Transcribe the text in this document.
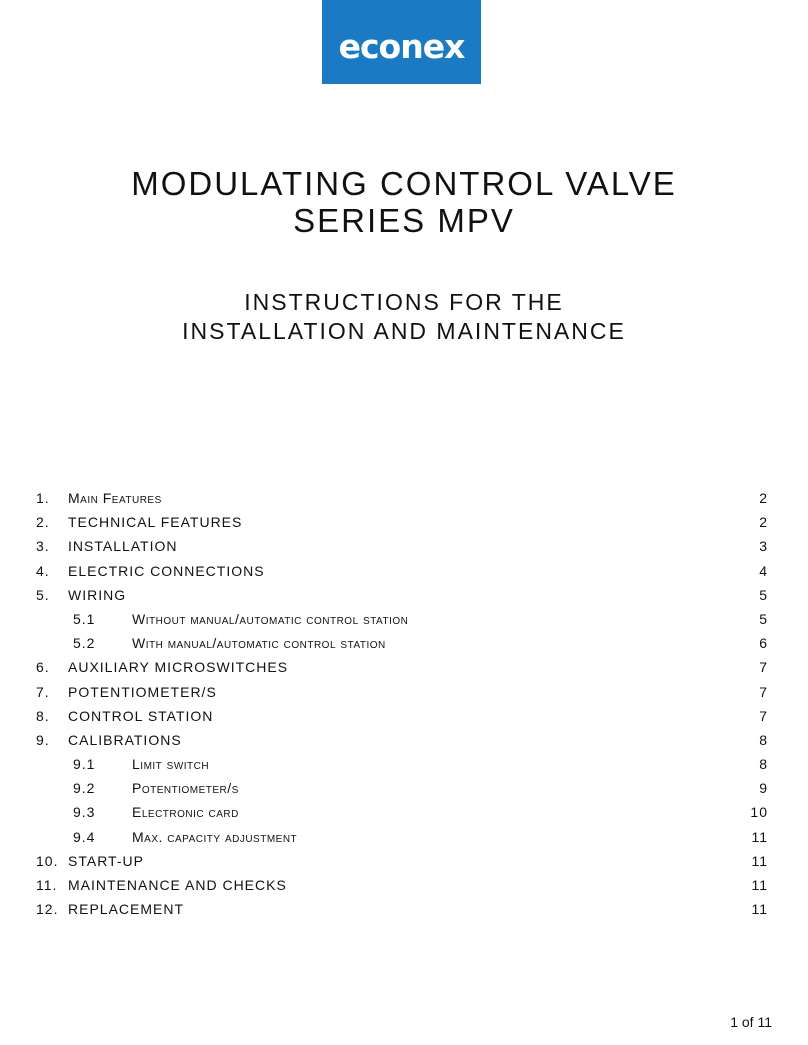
econex
MODULATING CONTROL VALVE
SERIES MPV
INSTRUCTIONS FOR THE
INSTALLATION AND MAINTENANCE
1. Main Features	2
2. TECHNICAL FEATURES	2
3. INSTALLATION	3
4. ELECTRIC CONNECTIONS	4
5. WIRING	5
5.1	Without manual/automatic control station	5
5.2	With manual/automatic control station	6
6. AUXILIARY MICROSWITCHES	7
7. POTENTIOMETER/S	7
8. CONTROL STATION	7
9. CALIBRATIONS	8
9.1	Limit switch	8
9.2	Potentiometer/s	9
9.3	Electronic card	10
9.4	Max. capacity adjustment	11
10. START-UP	11
11. MAINTENANCE AND CHECKS	11
12. REPLACEMENT	11
1 of 11
